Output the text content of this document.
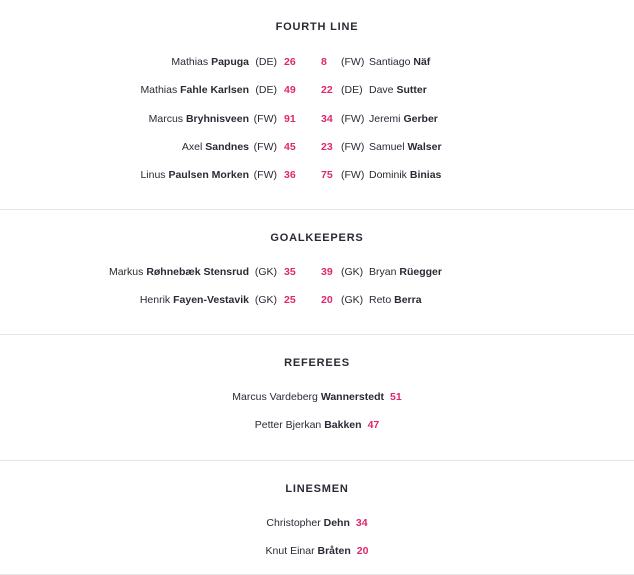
FOURTH LINE
Mathias Papuga (DE) 26 8 (FW) Santiago Näf
Mathias Fahle Karlsen (DE) 49 22 (DE) Dave Sutter
Marcus Bryhnisveen (FW) 91 34 (FW) Jeremi Gerber
Axel Sandnes (FW) 45 23 (FW) Samuel Walser
Linus Paulsen Morken (FW) 36 75 (FW) Dominik Binias
GOALKEEPERS
Markus Røhnebæk Stensrud (GK) 35 39 (GK) Bryan Rüegger
Henrik Fayen-Vestavik (GK) 25 20 (GK) Reto Berra
REFEREES
Marcus Vardeberg Wannerstedt 51
Petter Bjerkan Bakken 47
LINESMEN
Christopher Dehn 34
Knut Einar Bråten 20
